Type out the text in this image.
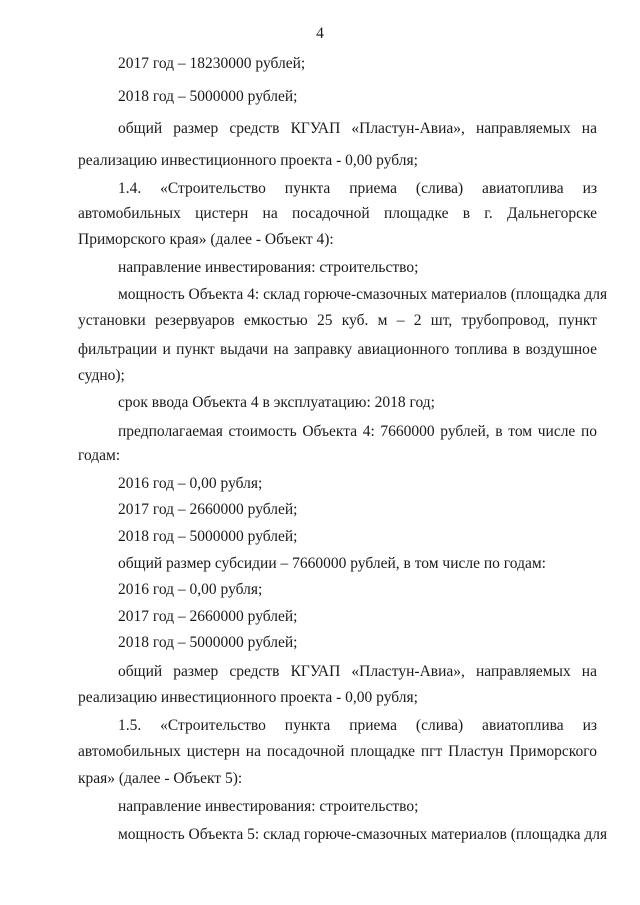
4
2017 год – 18230000 рублей;
2018 год – 5000000 рублей;
общий размер средств КГУАП «Пластун-Авиа», направляемых на
реализацию инвестиционного проекта - 0,00 рубля;
1.4. «Строительство пункта приема (слива) авиатоплива из
автомобильных цистерн на посадочной площадке в г. Дальнегорске
Приморского края» (далее - Объект 4):
направление инвестирования: строительство;
мощность Объекта 4: склад горюче-смазочных материалов (площадка для
установки резервуаров емкостью 25 куб. м – 2 шт, трубопровод, пункт
фильтрации и пункт выдачи на заправку авиационного топлива в воздушное
судно);
срок ввода Объекта 4 в эксплуатацию: 2018 год;
предполагаемая стоимость Объекта 4: 7660000 рублей, в том числе по
годам:
2016 год – 0,00 рубля;
2017 год – 2660000 рублей;
2018 год – 5000000 рублей;
общий размер субсидии – 7660000 рублей, в том числе по годам:
2016 год – 0,00 рубля;
2017 год – 2660000 рублей;
2018 год – 5000000 рублей;
общий размер средств КГУАП «Пластун-Авиа», направляемых на
реализацию инвестиционного проекта - 0,00 рубля;
1.5. «Строительство пункта приема (слива) авиатоплива из
автомобильных цистерн на посадочной площадке пгт Пластун Приморского
края» (далее - Объект 5):
направление инвестирования: строительство;
мощность Объекта 5: склад горюче-смазочных материалов (площадка для
